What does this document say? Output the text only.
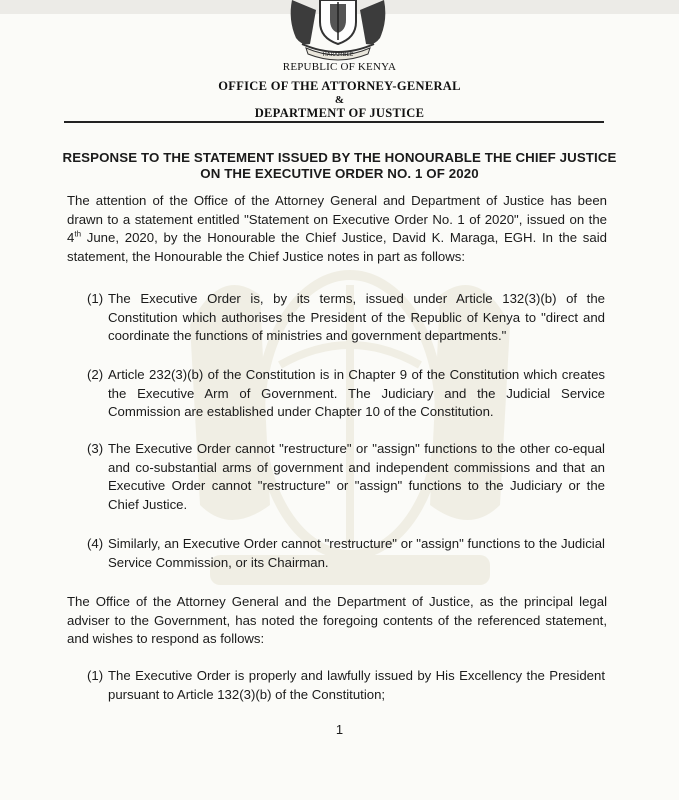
HARAMBEE
REPUBLIC OF KENYA
OFFICE OF THE ATTORNEY-GENERAL
&
DEPARTMENT OF JUSTICE
RESPONSE TO THE STATEMENT ISSUED BY THE HONOURABLE THE CHIEF JUSTICE
ON THE EXECUTIVE ORDER NO. 1 OF 2020
The attention of the Office of the Attorney General and Department of Justice has been drawn to a statement entitled "Statement on Executive Order No. 1 of 2020", issued on the 4th June, 2020, by the Honourable the Chief Justice, David K. Maraga, EGH. In the said statement, the Honourable the Chief Justice notes in part as follows:
(1) The Executive Order is, by its terms, issued under Article 132(3)(b) of the Constitution which authorises the President of the Republic of Kenya to "direct and coordinate the functions of ministries and government departments."
(2) Article 232(3)(b) of the Constitution is in Chapter 9 of the Constitution which creates the Executive Arm of Government. The Judiciary and the Judicial Service Commission are established under Chapter 10 of the Constitution.
(3) The Executive Order cannot "restructure" or "assign" functions to the other co-equal and co-substantial arms of government and independent commissions and that an Executive Order cannot "restructure" or "assign" functions to the Judiciary or the Chief Justice.
(4) Similarly, an Executive Order cannot "restructure" or "assign" functions to the Judicial Service Commission, or its Chairman.
The Office of the Attorney General and the Department of Justice, as the principal legal adviser to the Government, has noted the foregoing contents of the referenced statement, and wishes to respond as follows:
(1) The Executive Order is properly and lawfully issued by His Excellency the President pursuant to Article 132(3)(b) of the Constitution;
1
